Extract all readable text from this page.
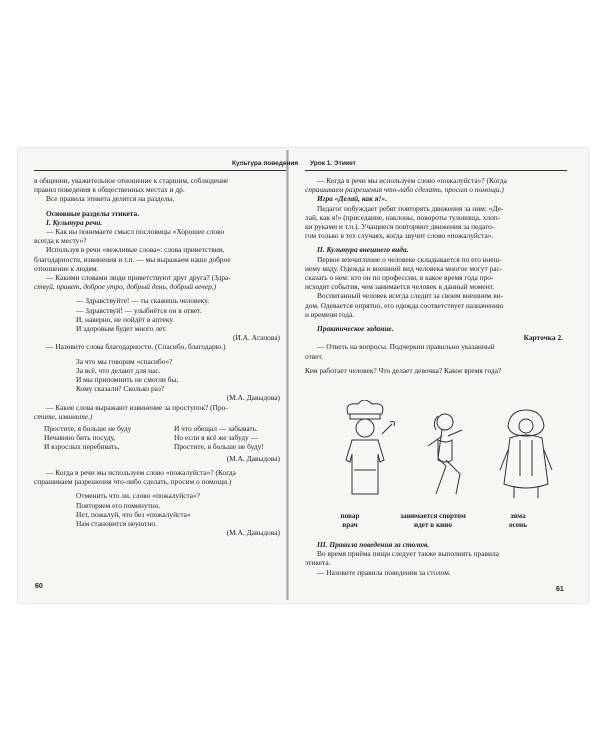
Культура поведения Урок 1. Этикет

в общении, уважительное отношение к старшим, соблюдение

правил поведения в общественных местах и др.

Все правила этикета делятся на разделы.

Основные разделы этикета.

I. Культура речи.

— Как вы понимаете смысл пословицы «Хорошее слово

всегда к месту»?

Используя в речи «вежливые слова»: слова приветствия,

благодарности, извинения и т.п. — мы выражаем наше доброе

отношение к людям.

— Какими словами люди приветствуют друг друга? (Здра-

ствуй, привет, доброе утро, добрый день, добрый вечер.)

— Здравствуйте! — ты скажешь человеку.

— Здравствуй! — улыбнётся он в ответ.

И, наверно, не пойдёт в аптеку

И здоровым будет много лет.

(И.А. Агапова)

— Назовите слова благодарности. (Спасибо, благодарю.)

За что мы говорим «спасибо»?

За всё, что делают для нас.

И мы припомнить не смогли бы,

Кому сказали? Сколько раз?

(М.А. Давыдова)

— Какие слова выражают извинение за проступок? (Про-

стите, извините.)

Простите, я больше не буду	И что обещал — забывать.
Нечаянно бить посуду,	Но если я всё же забуду —
И взрослых перебивать,	Простите, я больше не буду!

(М.А. Давыдова)

— Когда в речи мы используем слово «пожалуйста»? (Когда

спрашиваем разрешения что-либо сделать, просим о помощи.)

Отменить что ли, слово «пожалуйста»?

Повторяем его поминутно.

Нет, пожалуй, что без «пожалуйста»

Нам становится неуютно.

(М.А. Давыдова)

60

— Когда в речи мы используем слово «пожалуйста»? (Когда

спрашиваем разрешения что-либо сделать, просим о помощи.)

Игра «Делай, как я!».

Педагог побуждает ребят повторять движения за ним: «Де-

лай, как я!» (приседание, наклоны, повороты туловища, хлоп-

ки руками и т.п.). Учащиеся повторяют движения за педаго-

гом только в тех случаях, когда звучит слово «пожалуйста».

II. Культура внешнего вида.

Первое впечатление о человеке складывается по его внеш-

нему виду. Одежда и внешний вид человека многое могут рас-

сказать о нем: кто он по профессии, в какое время года про-

исходят события, чем занимается человек в данный момент.

Воспитанный человек всегда следит за своим внешним ви-

дом. Одевается опрятно, его одежда соответствует назначению

и времени года.

Практическое задание.

Карточка 2.

— Ответь на вопросы. Подчеркни правильно указанный

ответ.

Кем работает человек? Что делает девочка? Какое время года?

повар
врач
занимается спортом
идет в кино
зима
осень

III. Правила поведения за столом.

Во время приёма пищи следует также выполнять правила

этикета.

— Назовите правила поведения за столом.

61
